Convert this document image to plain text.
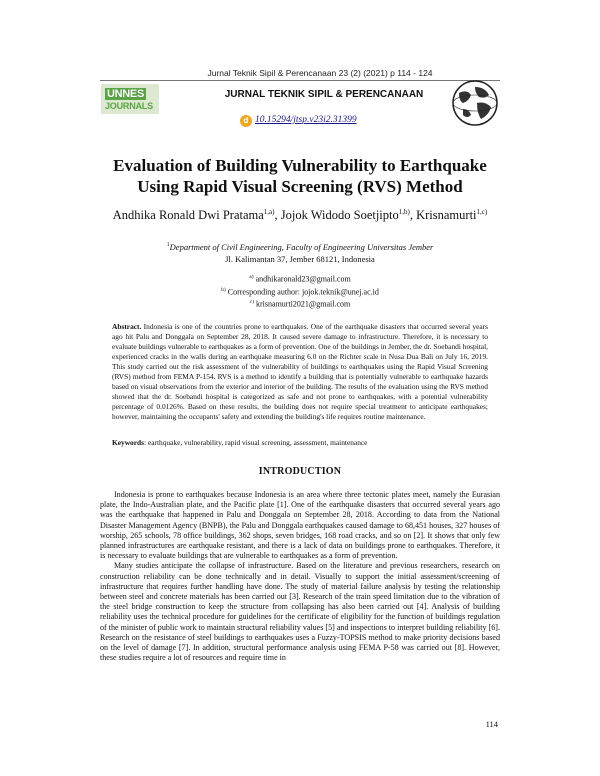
Jurnal Teknik Sipil & Perencanaan 23 (2) (2021) p 114 - 124
UNNES
JOURNALS
JURNAL TEKNIK SIPIL & PERENCANAAN
d 10.15294/jtsp.v23i2.31399
Evaluation of Building Vulnerability to Earthquake
Using Rapid Visual Screening (RVS) Method
Andhika Ronald Dwi Pratama$^{1,a)}$, Jojok Widodo Soetjipto$^{1,b)}$, Krisnamurti$^{1,c)}$
$^1$Department of Civil Engineering, Faculty of Engineering Universitas Jember
Jl. Kalimantan 37, Jember 68121, Indonesia
$^{a)}$ andhikaronald23@gmail.com
$^{b)}$ Corresponding author: jojok.teknik@unej.ac.id
$^{c)}$ krisnamurti2021@gmail.com

Abstract. Indonesia is one of the countries prone to earthquakes. One of the earthquake disasters that occurred several years ago hit Palu and Donggala on September 28, 2018. It caused severe damage to infrastructure. Therefore, it is necessary to evaluate buildings vulnerable to earthquakes as a form of prevention. One of the buildings in Jember, the dr. Soebandi hospital, experienced cracks in the walls during an earthquake measuring 6.0 on the Richter scale in Nusa Dua Bali on July 16, 2019. This study carried out the risk assessment of the vulnerability of buildings to earthquakes using the Rapid Visual Screening (RVS) method from FEMA P-154. RVS is a method to identify a building that is potentially vulnerable to earthquake hazards based on visual observations from the exterior and interior of the building. The results of the evaluation using the RVS method showed that the dr. Soebandi hospital is categorized as safe and not prone to earthquakes, with a potential vulnerability percentage of 0.0126%. Based on these results, the building does not require special treatment to anticipate earthquakes; however, maintaining the occupants' safety and extending the building's life requires routine maintenance.

Keywords: earthquake, vulnerability, rapid visual screening, assessment, maintenance
INTRODUCTION

Indonesia is prone to earthquakes because Indonesia is an area where three tectonic plates meet, namely the Eurasian plate, the Indo-Australian plate, and the Pacific plate [1]. One of the earthquake disasters that occurred several years ago was the earthquake that happened in Palu and Donggala on September 28, 2018. According to data from the National Disaster Management Agency (BNPB), the Palu and Donggala earthquakes caused damage to 68,451 houses, 327 houses of worship, 265 schools, 78 office buildings, 362 shops, seven bridges, 168 road cracks, and so on [2]. It shows that only few planned infrastructures are earthquake resistant, and there is a lack of data on buildings prone to earthquakes. Therefore, it is necessary to evaluate buildings that are vulnerable to earthquakes as a form of prevention.

Many studies anticipate the collapse of infrastructure. Based on the literature and previous researchers, research on construction reliability can be done technically and in detail. Visually to support the initial assessment/screening of infrastructure that requires further handling have done. The study of material failure analysis by testing the relationship between steel and concrete materials has been carried out [3]. Research of the train speed limitation due to the vibration of the steel bridge construction to keep the structure from collapsing has also been carried out [4]. Analysis of building reliability uses the technical procedure for guidelines for the certificate of eligibility for the function of buildings regulation of the minister of public work to maintain structural reliability values [5] and inspections to interpret building reliability [6]. Research on the resistance of steel buildings to earthquakes uses a Fuzzy-TOPSIS method to make priority decisions based on the level of damage [7]. In addition, structural performance analysis using FEMA P-58 was carried out [8]. However, these studies require a lot of resources and require time in

114
